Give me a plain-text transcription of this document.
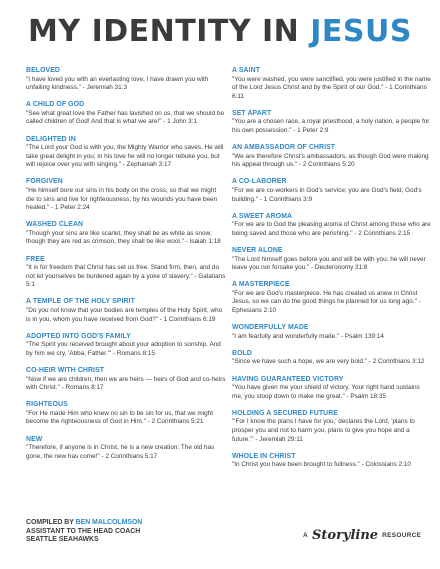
MY IDENTITY IN JESUS
BELOVED
"I have loved you with an everlasting love; I have drawn you with unfailing kindness." - Jeremiah 31:3
A CHILD OF GOD
"See what great love the Father has lavished on us, that we should be called children of God! And that is what we are!" - 1 John 3:1
DELIGHTED IN
"The Lord your God is with you, the Mighty Warrior who saves. He will take great delight in you; in his love he will no longer rebuke you, but will rejoice over you with singing." - Zephaniah 3:17
FORGIVEN
"He himself bore our sins in his body on the cross, so that we might die to sins and live for righteousness; by his wounds you have been healed." - 1 Peter 2:24
WASHED CLEAN
"Though your sins are like scarlet, they shall be as white as snow; though they are red as crimson, they shall be like wool." - Isaiah 1:18
FREE
"It is for freedom that Christ has set us free. Stand firm, then, and do not let yourselves be burdened again by a yoke of slavery." - Galatians 5:1
A TEMPLE OF THE HOLY SPIRIT
"Do you not know that your bodies are temples of the Holy Spirit, who is in you, whom you have received from God?" - 1 Corinthians 6:19
ADOPTED INTO GOD'S FAMILY
"The Spirit you received brought about your adoption to sonship. And by him we cry, 'Abba, Father.'" - Romans 8:15
CO-HEIR WITH CHRIST
"Now if we are children, then we are heirs — heirs of God and co-heirs with Christ." - Romans 8:17
RIGHTEOUS
"For He made Him who knew no sin to be sin for us, that we might become the righteousness of God in Him." - 2 Corinthians 5:21
NEW
"Therefore, if anyone is in Christ, he is a new creation: The old has gone, the new has come!" - 2 Corinthians 5:17
A SAINT
"You were washed, you were sanctified, you were justified in the name of the Lord Jesus Christ and by the Spirit of our God." - 1 Corinthians 6:11
SET APART
"You are a chosen race, a royal priesthood, a holy nation, a people for his own possession." - 1 Peter 2:9
AN AMBASSADOR OF CHRIST
"We are therefore Christ's ambassadors, as though God were making his appeal through us." - 2 Corinthians 5:20
A CO-LABORER
"For we are co-workers in God's service; you are God's field, God's building." - 1 Corinthians 3:9
A SWEET AROMA
"For we are to God the pleasing aroma of Christ among those who are being saved and those who are perishing." - 2 Corinthians 2:15
NEVER ALONE
"The Lord himself goes before you and will be with you; he will never leave you nor forsake you." - Deuteronomy 31:8
A MASTERPIECE
"For we are God's masterpiece. He has created us anew in Christ Jesus, so we can do the good things he planned for us long ago." - Ephesians 2:10
WONDERFULLY MADE
"I am fearfully and wonderfully made." - Psalm 139:14
BOLD
"Since we have such a hope, we are very bold." - 2 Corinthians 3:12
HAVING GUARANTEED VICTORY
"You have given me your shield of victory. Your right hand sustains me; you stoop down to make me great." - Psalm 18:35
HOLDING A SECURED FUTURE
"'For I know the plans I have for you,' declares the Lord, 'plans to prosper you and not to harm you, plans to give you hope and a future.'" - Jeremiah 29:11
WHOLE IN CHRIST
"In Christ you have been brought to fullness." - Colossians 2:10
COMPILED BY BEN MALCOLMSON
ASSISTANT TO THE HEAD COACH
SEATTLE SEAHAWKS
A Storyline RESOURCE
